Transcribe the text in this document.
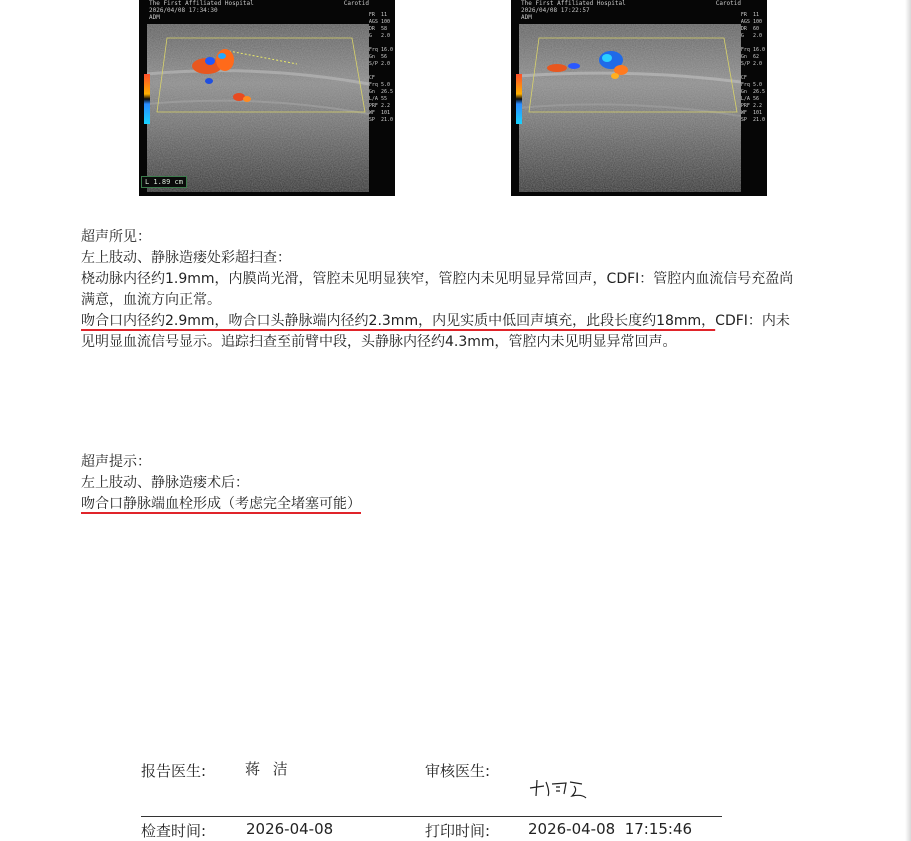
The First Affiliated Hospital
2026/04/08 17:34:30
ADM
Carotid
FR  11
AGS 100
DR  58
G   2.0

Frq 16.0
Gn  56
S/P 2.0

CF
Frq 5.0
Gn  26.5
L/A 55
PRF 2.2
WF  101
SP  21.0
L 1.89 cm
The First Affiliated Hospital
2026/04/08 17:22:57
ADM
Carotid
FR  11
AGS 100
DR  60
G   2.0

Frq 16.0
Gn  62
S/P 2.0

CF
Frq 5.0
Gn  26.5
L/A 56
PRF 2.2
WF  101
SP  21.0

超声所见：

左上肢动、静脉造瘘处彩超扫查：

桡动脉内径约1.9mm，内膜尚光滑，管腔未见明显狭窄，管腔内未见明显异常回声，CDFI：管腔内血流信号充盈尚

满意，血流方向正常。

吻合口内径约2.9mm，吻合口头静脉端内径约2.3mm，内见实质中低回声填充，此段长度约18mm，CDFI：内未

见明显血流信号显示。追踪扫查至前臂中段，头静脉内径约4.3mm，管腔内未见明显异常回声。

超声提示：

左上肢动、静脉造瘘术后：

吻合口静脉端血栓形成（考虑完全堵塞可能）

报告医生:	蒋 洁	审核医生:
检查时间:	2026-04-08	打印时间:	2026-04-08  17:15:46
